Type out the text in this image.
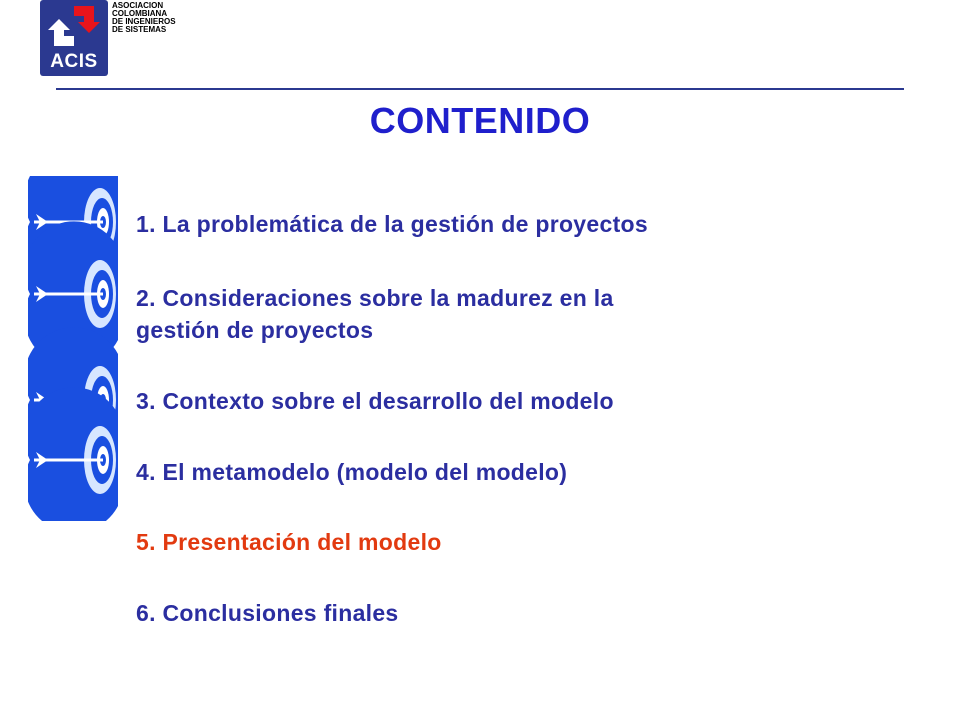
ACIS
ASOCIACION
COLOMBIANA
DE INGENIEROS
DE SISTEMAS
CONTENIDO
1. La problemática de la gestión de proyectos
2. Consideraciones sobre la madurez en la
gestión de proyectos
3. Contexto sobre el desarrollo del modelo
4. El metamodelo (modelo del modelo)
5. Presentación del modelo
6. Conclusiones finales
